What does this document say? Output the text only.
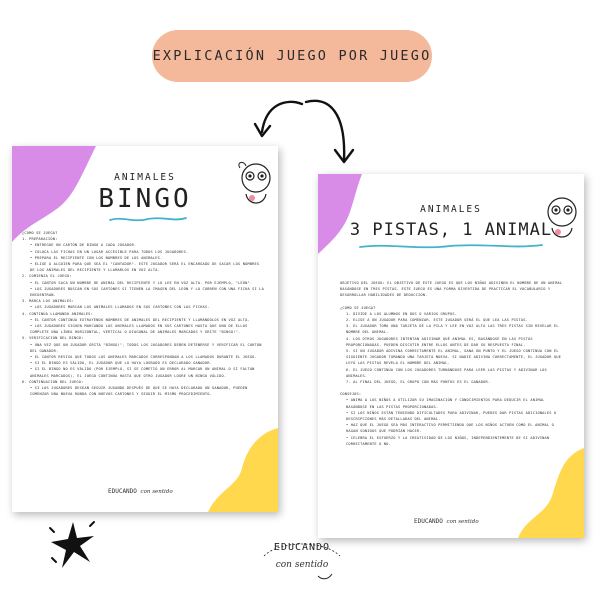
EXPLICACIÓN JUEGO POR JUEGO
ANIMALES
BINGO
¿CÓMO SE JUEGA?
1. PREPARACIÓN:
• ENTREGUE UN CARTÓN DE BINGO A CADA JUGADOR.
• COLOCA LAS FICHAS EN UN LUGAR ACCESIBLE PARA TODOS LOS JUGADORES.
• PREPARA EL RECIPIENTE CON LOS NOMBRES DE LOS ANIMALES.
• ELIGE A ALGUIEN PARA QUE SEA EL "CANTADOR". ESTE JUGADOR SERÁ EL ENCARGADO DE SACAR LOS NOMBRES DE LOS ANIMALES DEL RECIPIENTE Y LLAMARLOS EN VOZ ALTA.
2. COMIENZA EL JUEGO:
• EL CANTOR SACA UN NOMBRE DE ANIMAL DEL RECIPIENTE Y LO LEE EN VOZ ALTA. POR EJEMPLO, "LEÓN".
• LOS JUGADORES BUSCAN EN SUS CARTONES SI TIENEN LA IMAGEN DEL LEÓN Y LO CUBREN CON UNA FICHA SI LA ENCUENTRAN.
3. MARCA LOS ANIMALES:
• LOS JUGADORES MARCAN LOS ANIMALES LLAMADOS EN SUS CARTONES CON LAS FICHAS.
4. CONTINÚA LLAMANDO ANIMALES:
• EL CANTOR CONTINÚA EXTRAYENDO NOMBRES DE ANIMALES DEL RECIPIENTE Y LLAMÁNDOLOS EN VOZ ALTA.
• LOS JUGADORES SIGUEN MARCANDO LOS ANIMALES LLAMADOS EN SUS CARTONES HASTA QUE UNO DE ELLOS COMPLETE UNA LÍNEA HORIZONTAL, VERTICAL O DIAGONAL DE ANIMALES MARCADOS Y GRITE "BINGO!".
5. VERIFICACIÓN DEL BINGO:
• UNA VEZ QUE UN JUGADOR GRITA "BINGO!", TODOS LOS JUGADORES DEBEN DETENERSE Y VERIFICAR EL CARTÓN DEL GANADOR.
• EL CANTOR REVISA QUE TODOS LOS ANIMALES MARCADOS CORRESPONDAN A LOS LLAMADOS DURANTE EL JUEGO.
• SI EL BINGO ES VÁLIDO, EL JUGADOR QUE LO HAYA LOGRADO ES DECLARADO GANADOR.
• SI EL BINGO NO ES VÁLIDO (POR EJEMPLO, SI SE COMETIÓ UN ERROR AL MARCAR UN ANIMAL O SI FALTAN ANIMALES MARCADOS), EL JUEGO CONTINÚA HASTA QUE OTRO JUGADOR LOGRE UN BINGO VÁLIDO.
6. CONTINUACIÓN DEL JUEGO:
• SI LOS JUGADORES DESEAN SEGUIR JUGANDO DESPUÉS DE QUE SE HAYA DECLARADO UN GANADOR, PUEDEN COMENZAR UNA NUEVA RONDA CON NUEVOS CARTONES Y SEGUIR EL MISMO PROCEDIMIENTO.
EDUCANDO con sentido
ANIMALES
3 PISTAS, 1 ANIMAL
OBJETIVO DEL JUEGO: EL OBJETIVO DE ESTE JUEGO ES QUE LOS NIÑOS ADIVINEN EL NOMBRE DE UN ANIMAL BASÁNDOSE EN TRES PISTAS. ESTE JUEGO ES UNA FORMA DIVERTIDA DE PRACTICAR EL VOCABULARIO Y DESARROLLAR HABILIDADES DE DEDUCCIÓN.
¿CÓMO SE JUEGA?
1. DIVIDE A LOS ALUMNOS EN DOS O VARIOS GRUPOS.
2. ELIGE A UN JUGADOR PARA COMENZAR. ESTE JUGADOR SERÁ EL QUE LEA LAS PISTAS.
3. EL JUGADOR TOMA UNA TARJETA DE LA PILA Y LEE EN VOZ ALTA LAS TRES PISTAS SIN REVELAR EL NOMBRE DEL ANIMAL.
4. LOS OTROS JUGADORES INTENTAN ADIVINAR QUÉ ANIMAL ES, BASÁNDOSE EN LAS PISTAS PROPORCIONADAS. PUEDEN DISCUTIR ENTRE ELLOS ANTES DE DAR SU RESPUESTA FINAL.
5. SI UN JUGADOR ADIVINA CORRECTAMENTE EL ANIMAL, GANA UN PUNTO Y EL JUEGO CONTINÚA CON EL SIGUIENTE JUGADOR TOMANDO UNA TARJETA NUEVA. SI NADIE ADIVINA CORRECTAMENTE, EL JUGADOR QUE LEYÓ LAS PISTAS REVELA EL NOMBRE DEL ANIMAL.
6. EL JUEGO CONTINÚA CON LOS JUGADORES TURNÁNDOSE PARA LEER LAS PISTAS Y ADIVINAR LOS ANIMALES.
7. AL FINAL DEL JUEGO, EL GRUPO CON MÁS PUNTOS ES EL GANADOR.
CONSEJOS:
• ANIMA A LOS NIÑOS A UTILIZAR SU IMAGINACIÓN Y CONOCIMIENTOS PARA DEDUCIR EL ANIMAL BASÁNDOSE EN LAS PISTAS PROPORCIONADAS.
• SI LOS NIÑOS ESTÁN TENIENDO DIFICULTADES PARA ADIVINAR, PUEDES DAR PISTAS ADICIONALES O DESCRIPCIONES MÁS DETALLADAS DEL ANIMAL.
• HAZ QUE EL JUEGO SEA MÁS INTERACTIVO PERMITIENDO QUE LOS NIÑOS ACTÚEN COMO EL ANIMAL O HAGAN SONIDOS QUE PODRÍAN HACER.
• CELEBRA EL ESFUERZO Y LA CREATIVIDAD DE LOS NIÑOS, INDEPENDIENTEMENTE DE SI ADIVINAN CORRECTAMENTE O NO.
EDUCANDO con sentido
EDUCANDO
con sentido
